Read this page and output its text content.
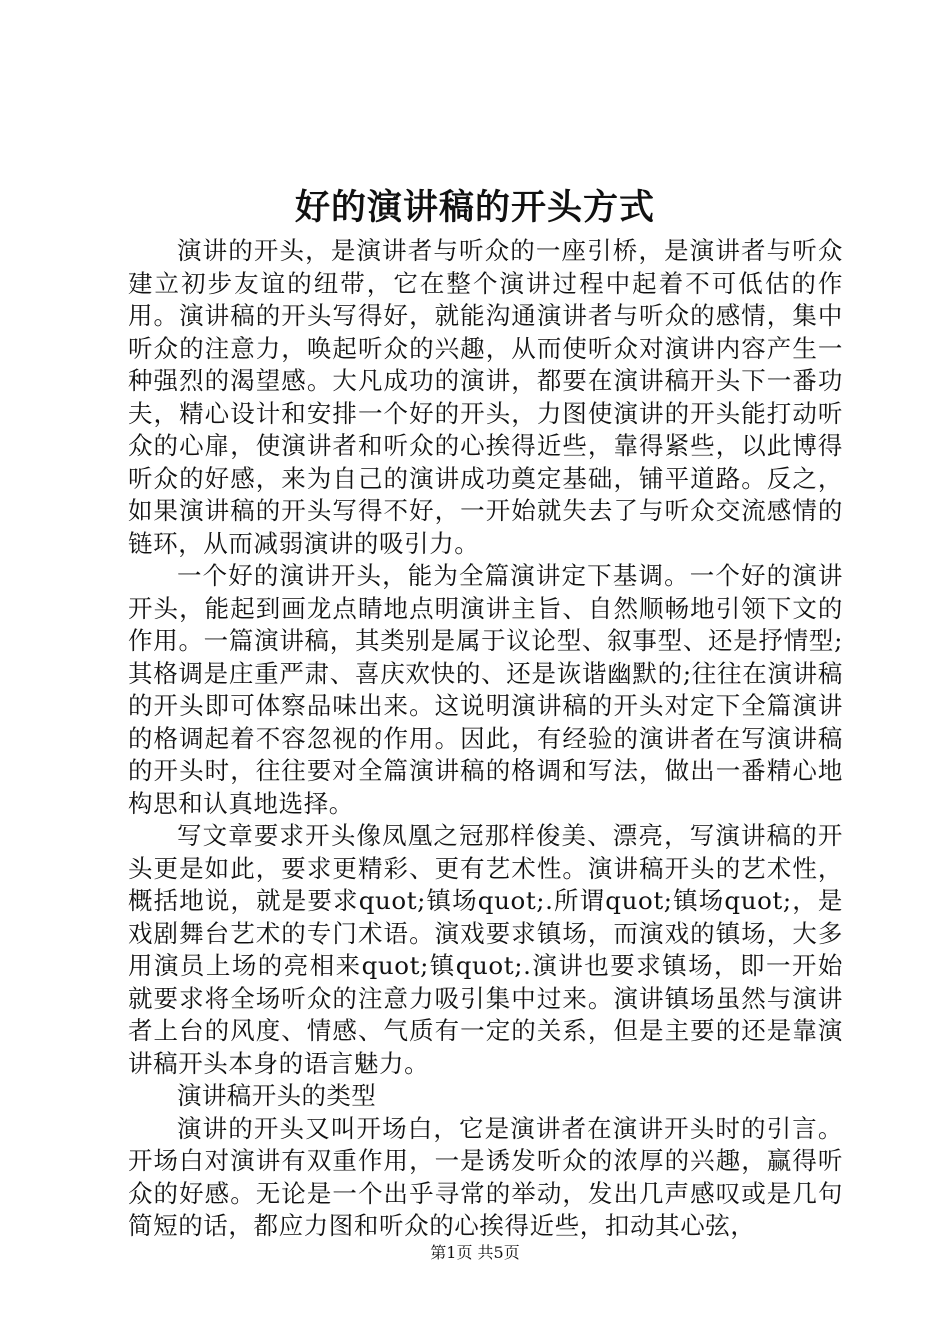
好的演讲稿的开头方式

演讲的开头，是演讲者与听众的一座引桥，是演讲者与听众建立初步友谊的纽带，它在整个演讲过程中起着不可低估的作用。演讲稿的开头写得好，就能沟通演讲者与听众的感情，集中听众的注意力，唤起听众的兴趣，从而使听众对演讲内容产生一种强烈的渴望感。大凡成功的演讲，都要在演讲稿开头下一番功夫，精心设计和安排一个好的开头，力图使演讲的开头能打动听众的心扉，使演讲者和听众的心挨得近些，靠得紧些，以此博得听众的好感，来为自己的演讲成功奠定基础，铺平道路。反之，如果演讲稿的开头写得不好，一开始就失去了与听众交流感情的链环，从而减弱演讲的吸引力。

一个好的演讲开头，能为全篇演讲定下基调。一个好的演讲开头，能起到画龙点睛地点明演讲主旨、自然顺畅地引领下文的作用。一篇演讲稿，其类别是属于议论型、叙事型、还是抒情型;其格调是庄重严肃、喜庆欢快的、还是诙谐幽默的;往往在演讲稿的开头即可体察品味出来。这说明演讲稿的开头对定下全篇演讲的格调起着不容忽视的作用。因此，有经验的演讲者在写演讲稿的开头时，往往要对全篇演讲稿的格调和写法，做出一番精心地构思和认真地选择。

写文章要求开头像凤凰之冠那样俊美、漂亮，写演讲稿的开头更是如此，要求更精彩、更有艺术性。演讲稿开头的艺术性，概括地说，就是要求quot;镇场quot;.所谓quot;镇场quot;，是戏剧舞台艺术的专门术语。演戏要求镇场，而演戏的镇场，大多用演员上场的亮相来quot;镇quot;.演讲也要求镇场，即一开始就要求将全场听众的注意力吸引集中过来。演讲镇场虽然与演讲者上台的风度、情感、气质有一定的关系，但是主要的还是靠演讲稿开头本身的语言魅力。

演讲稿开头的类型

演讲的开头又叫开场白，它是演讲者在演讲开头时的引言。开场白对演讲有双重作用，一是诱发听众的浓厚的兴趣，赢得听众的好感。无论是一个出乎寻常的举动，发出几声感叹或是几句简短的话，都应力图和听众的心挨得近些，扣动其心弦，

第1页 共5页
